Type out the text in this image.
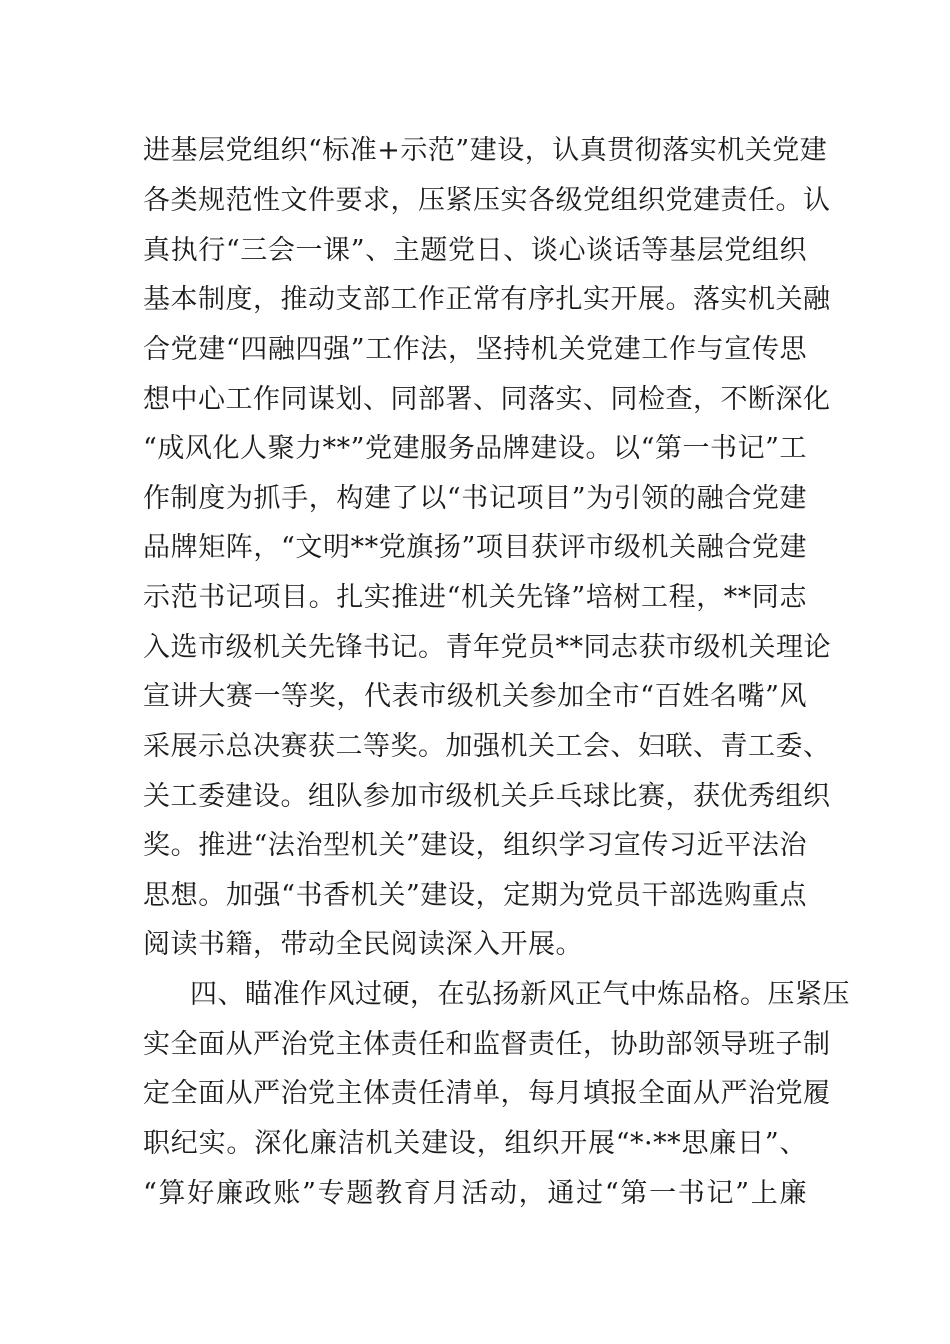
进基层党组织“标准+示范”建设，认真贯彻落实机关党建
各类规范性文件要求，压紧压实各级党组织党建责任。认
真执行“三会一课”、主题党日、谈心谈话等基层党组织
基本制度，推动支部工作正常有序扎实开展。落实机关融
合党建“四融四强”工作法，坚持机关党建工作与宣传思
想中心工作同谋划、同部署、同落实、同检查，不断深化
“成风化人聚力**”党建服务品牌建设。以“第一书记”工
作制度为抓手，构建了以“书记项目”为引领的融合党建
品牌矩阵，“文明**党旗扬”项目获评市级机关融合党建
示范书记项目。扎实推进“机关先锋”培树工程，**同志
入选市级机关先锋书记。青年党员**同志获市级机关理论
宣讲大赛一等奖，代表市级机关参加全市“百姓名嘴”风
采展示总决赛获二等奖。加强机关工会、妇联、青工委、
关工委建设。组队参加市级机关乒乓球比赛，获优秀组织
奖。推进“法治型机关”建设，组织学习宣传习近平法治
思想。加强“书香机关”建设，定期为党员干部选购重点
阅读书籍，带动全民阅读深入开展。
四、瞄准作风过硬，在弘扬新风正气中炼品格。压紧压
实全面从严治党主体责任和监督责任，协助部领导班子制
定全面从严治党主体责任清单，每月填报全面从严治党履
职纪实。深化廉洁机关建设，组织开展“*·**思廉日”、
“算好廉政账”专题教育月活动，通过“第一书记”上廉
